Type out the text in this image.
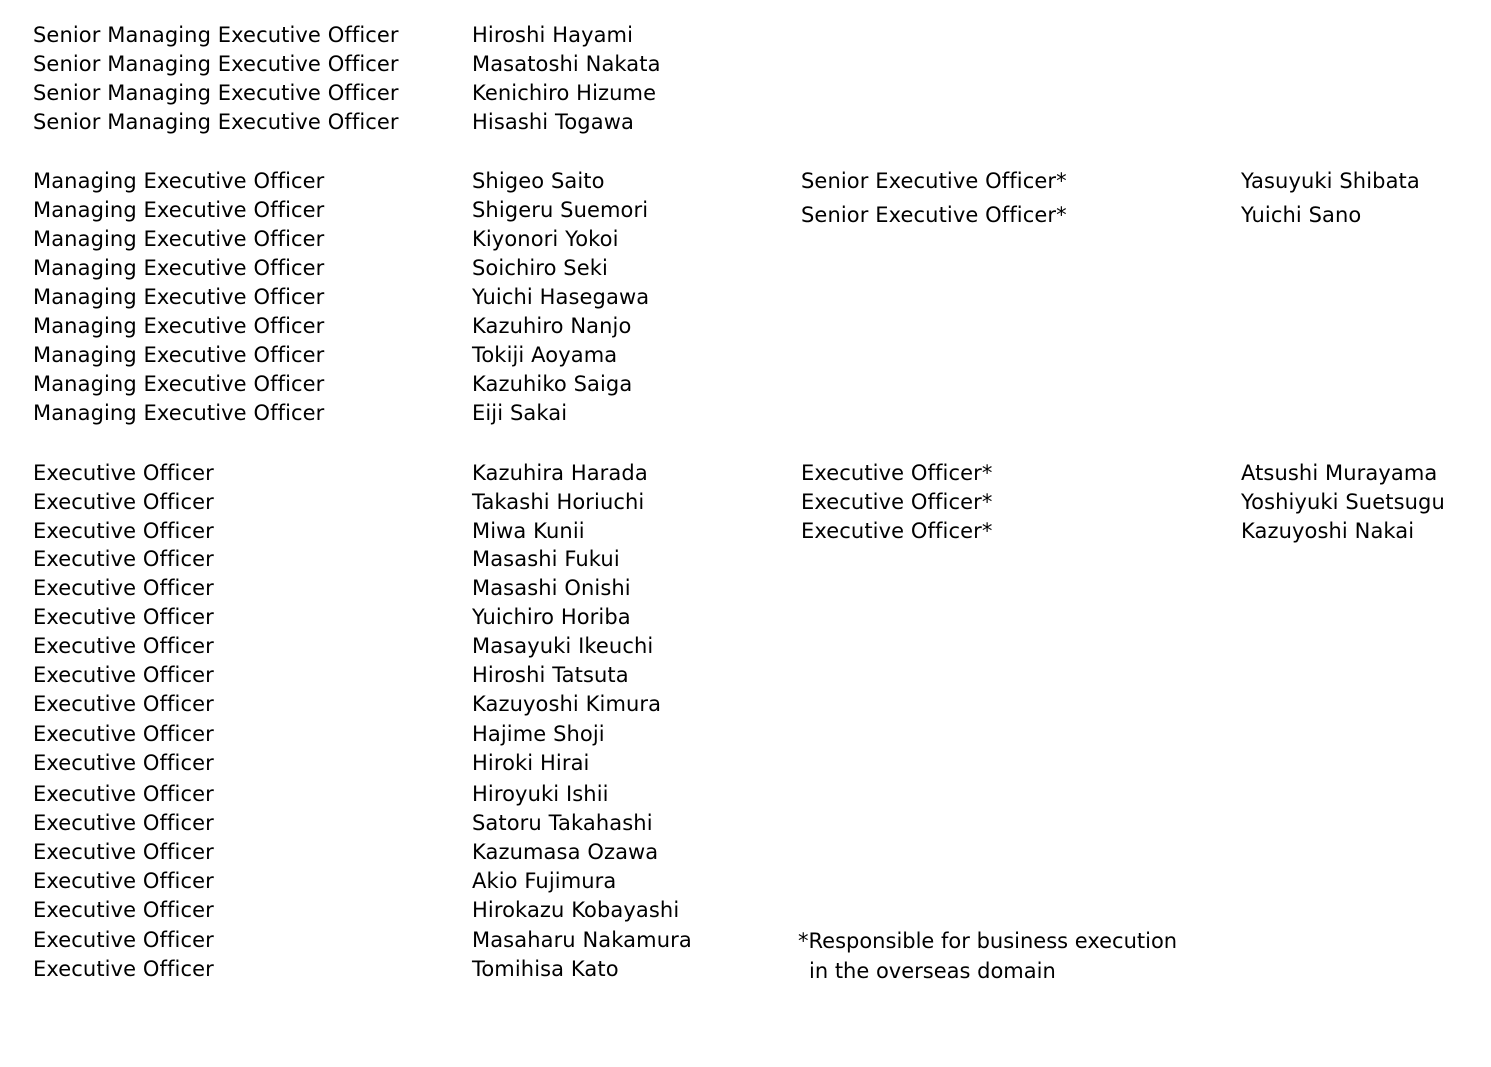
Senior Managing Executive Officer
Senior Managing Executive Officer
Senior Managing Executive Officer
Senior Managing Executive Officer
Managing Executive Officer
Managing Executive Officer
Managing Executive Officer
Managing Executive Officer
Managing Executive Officer
Managing Executive Officer
Managing Executive Officer
Managing Executive Officer
Managing Executive Officer
Executive Officer
Executive Officer
Executive Officer
Executive Officer
Executive Officer
Executive Officer
Executive Officer
Executive Officer
Executive Officer
Executive Officer
Executive Officer
Executive Officer
Executive Officer
Executive Officer
Executive Officer
Executive Officer
Executive Officer
Executive Officer
Hiroshi Hayami
Masatoshi Nakata
Kenichiro Hizume
Hisashi Togawa
Shigeo Saito
Shigeru Suemori
Kiyonori Yokoi
Soichiro Seki
Yuichi Hasegawa
Kazuhiro Nanjo
Tokiji Aoyama
Kazuhiko Saiga
Eiji Sakai
Kazuhira Harada
Takashi Horiuchi
Miwa Kunii
Masashi Fukui
Masashi Onishi
Yuichiro Horiba
Masayuki Ikeuchi
Hiroshi Tatsuta
Kazuyoshi Kimura
Hajime Shoji
Hiroki Hirai
Hiroyuki Ishii
Satoru Takahashi
Kazumasa Ozawa
Akio Fujimura
Hirokazu Kobayashi
Masaharu Nakamura
Tomihisa Kato
Senior Executive Officer*
Senior Executive Officer*
Executive Officer*
Executive Officer*
Executive Officer*
Yasuyuki Shibata
Yuichi Sano
Atsushi Murayama
Yoshiyuki Suetsugu
Kazuyoshi Nakai
*Responsible for business execution
in the overseas domain
